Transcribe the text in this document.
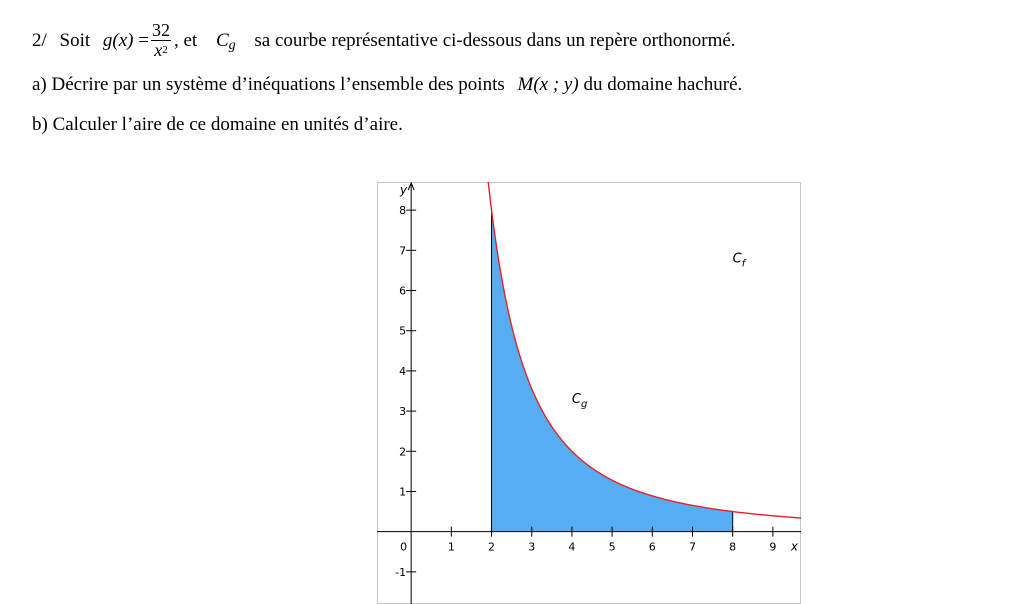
2/ Soit $g(x) = \frac{32}{x^2}$ , et $C_g$ sa courbe représentative ci-dessous dans un repère orthonormé.
a) Décrire par un système d’inéquations l’ensemble des points M(x ; y) du domaine hachuré.
b) Calculer l’aire de ce domaine en unités d’aire.
1	2	3	4	5	6	7	8	9
-1
1
2
3
4
5
6
7
8
0	x
y
$C_g$
$C_f$
